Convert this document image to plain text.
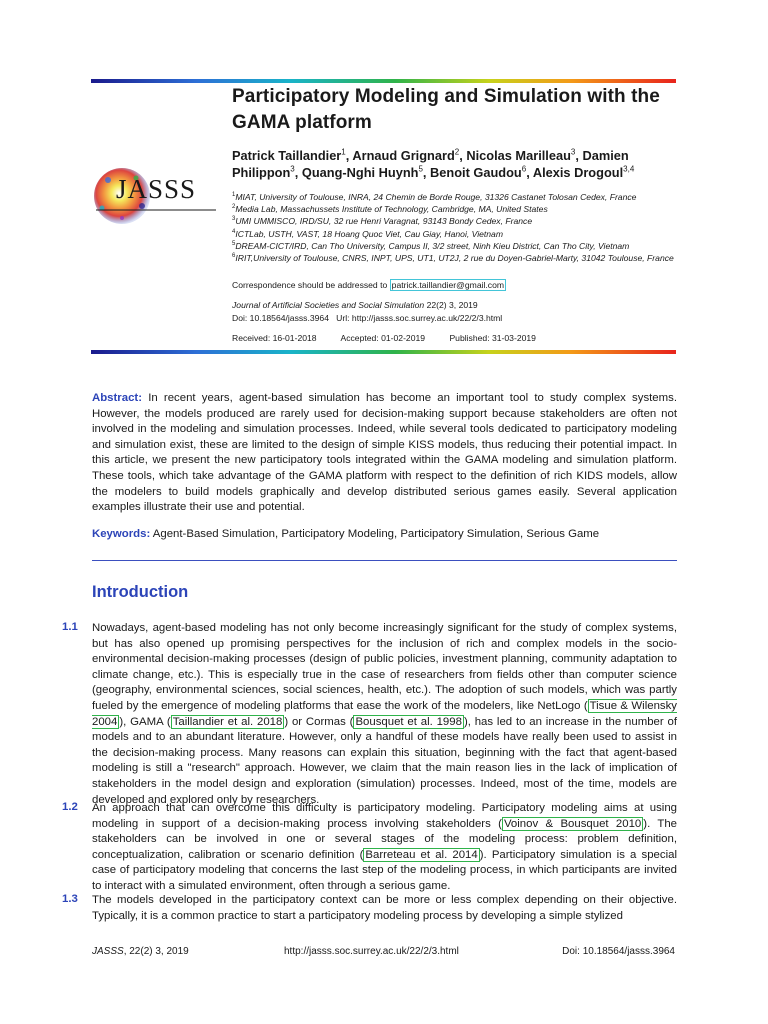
JASSS
Participatory Modeling and Simulation with the GAMA platform
Patrick Taillandier$^1$, Arnaud Grignard$^2$, Nicolas Marilleau$^3$, Damien Philippon$^3$, Quang-Nghi Huynh$^5$, Benoit Gaudou$^6$, Alexis Drogoul$^{3,4}$
$^1$MIAT, University of Toulouse, INRA, 24 Chemin de Borde Rouge, 31326 Castanet Tolosan Cedex, France
$^2$Media Lab, Massachussets Institute of Technology, Cambridge, MA, United States
$^3$UMI UMMISCO, IRD/SU, 32 rue Henri Varagnat, 93143 Bondy Cedex, France
$^4$ICTLab, USTH, VAST, 18 Hoang Quoc Viet, Cau Giay, Hanoi, Vietnam
$^5$DREAM-CICT/IRD, Can Tho University, Campus II, 3/2 street, Ninh Kieu District, Can Tho City, Vietnam
$^6$IRIT,University of Toulouse, CNRS, INPT, UPS, UT1, UT2J, 2 rue du Doyen-Gabriel-Marty, 31042 Toulouse, France
Correspondence should be addressed to patrick.taillandier@gmail.com
Journal of Artificial Societies and Social Simulation 22(2) 3, 2019
Doi: 10.18564/jasss.3964 Url: http://jasss.soc.surrey.ac.uk/22/2/3.html
Received: 16-01-2018	Accepted: 01-02-2019	Published: 31-03-2019
Abstract: In recent years, agent-based simulation has become an important tool to study complex systems. However, the models produced are rarely used for decision-making support because stakeholders are often not involved in the modeling and simulation processes. Indeed, while several tools dedicated to participatory modeling and simulation exist, these are limited to the design of simple KISS models, thus reducing their potential impact. In this article, we present the new participatory tools integrated within the GAMA modeling and simulation platform. These tools, which take advantage of the GAMA platform with respect to the definition of rich KIDS models, allow the modelers to build models graphically and develop distributed serious games easily. Several application examples illustrate their use and potential.
Keywords: Agent-Based Simulation, Participatory Modeling, Participatory Simulation, Serious Game
Introduction
1.1 Nowadays, agent-based modeling has not only become increasingly significant for the study of complex systems, but has also opened up promising perspectives for the inclusion of rich and complex models in the socio-environmental decision-making processes (design of public policies, investment planning, community adaptation to climate change, etc.). This is especially true in the case of researchers from fields other than computer science (geography, environmental sciences, social sciences, health, etc.). The adoption of such models, which was partly fueled by the emergence of modeling platforms that ease the work of the modelers, like NetLogo ( Tisue & Wilensky 2004 ), GAMA ( Taillandier et al. 2018 ) or Cormas ( Bousquet et al. 1998 ), has led to an increase in the number of models and to an abundant literature. However, only a handful of these models have really been used to assist in the decision-making process. Many reasons can explain this situation, beginning with the fact that agent-based modeling is still a "research" approach. However, we claim that the main reason lies in the lack of implication of stakeholders in the model design and exploration (simulation) processes. Indeed, most of the time, models are developed and explored only by researchers.
1.2 An approach that can overcome this difficulty is participatory modeling. Participatory modeling aims at using modeling in support of a decision-making process involving stakeholders ( Voinov & Bousquet 2010 ). The stakeholders can be involved in one or several stages of the modeling process: problem definition, conceptualization, calibration or scenario definition ( Barreteau et al. 2014 ). Participatory simulation is a special case of participatory modeling that concerns the last step of the modeling process, in which participants are invited to interact with a simulated environment, often through a serious game.
1.3 The models developed in the participatory context can be more or less complex depending on their objective. Typically, it is a common practice to start a participatory modeling process by developing a simple stylized
JASSS, 22(2) 3, 2019	http://jasss.soc.surrey.ac.uk/22/2/3.html	Doi: 10.18564/jasss.3964
